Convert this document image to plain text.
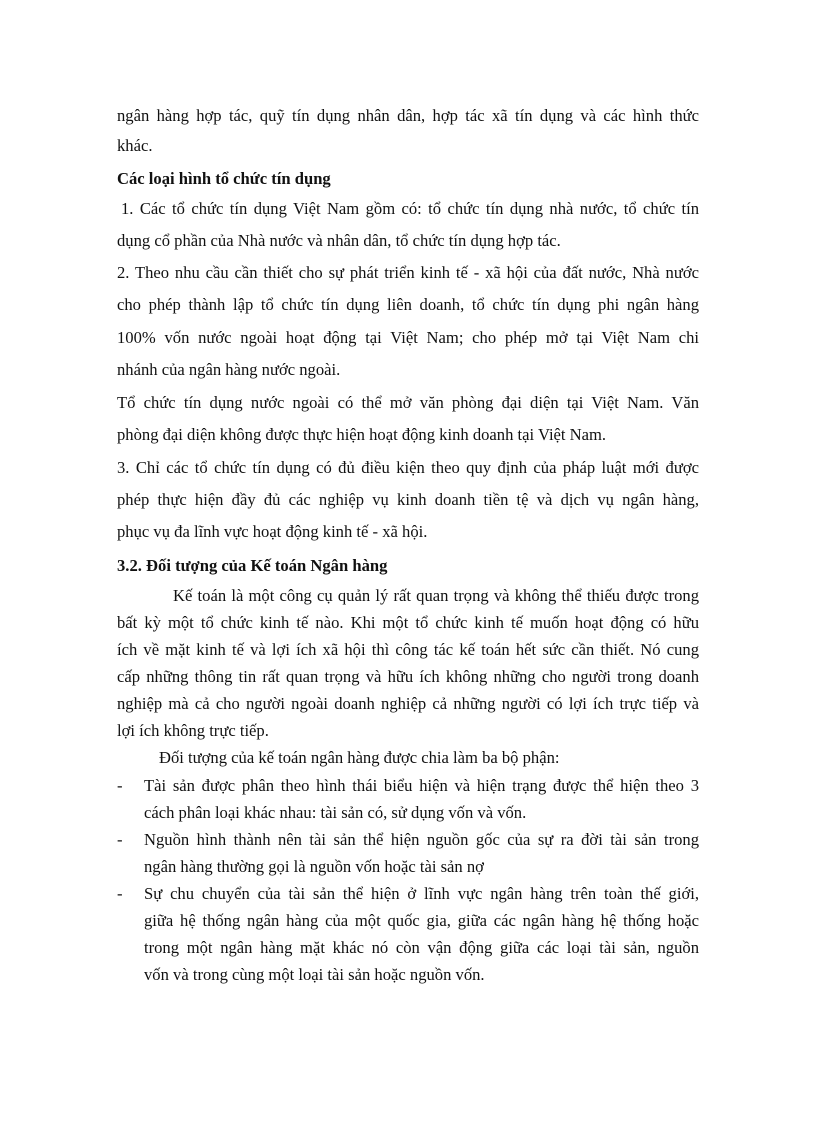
ngân hàng hợp tác, quỹ tín dụng nhân dân, hợp tác xã tín dụng và các hình thức

khác.

Các loại hình tổ chức tín dụng

1. Các tổ chức tín dụng Việt Nam gồm có: tổ chức tín dụng nhà nước, tổ chức tín

dụng cổ phần của Nhà nước và nhân dân, tổ chức tín dụng hợp tác.

2. Theo nhu cầu cần thiết cho sự phát triển kinh tế - xã hội của đất nước, Nhà nước

cho phép thành lập tổ chức tín dụng liên doanh, tổ chức tín dụng phi ngân hàng

100% vốn nước ngoài hoạt động tại Việt Nam; cho phép mở tại Việt Nam chi

nhánh của ngân hàng nước ngoài.

Tổ chức tín dụng nước ngoài có thể mở văn phòng đại diện tại Việt Nam. Văn

phòng đại diện không được thực hiện hoạt động kinh doanh tại Việt Nam.

3. Chỉ các tổ chức tín dụng có đủ điều kiện theo quy định của pháp luật mới được

phép thực hiện đầy đủ các nghiệp vụ kinh doanh tiền tệ và dịch vụ ngân hàng,

phục vụ đa lĩnh vực hoạt động kinh tế - xã hội.

3.2. Đối tượng của Kế toán Ngân hàng

Kế toán là một công cụ quản lý rất quan trọng và không thể thiếu được trong

bất kỳ một tổ chức kinh tế nào. Khi một tổ chức kinh tế muốn hoạt động có hữu

ích về mặt kinh tế và lợi ích xã hội thì công tác kế toán hết sức cần thiết. Nó cung

cấp những thông tin rất quan trọng và hữu ích không những cho người trong doanh

nghiệp mà cả cho người ngoài doanh nghiệp cả những người có lợi ích trực tiếp và

lợi ích không trực tiếp.

Đối tượng của kế toán ngân hàng được chia làm ba bộ phận:

- Tài sản được phân theo hình thái biểu hiện và hiện trạng được thể hiện theo 3

cách phân loại khác nhau: tài sản có, sử dụng vốn và vốn.

- Nguồn hình thành nên tài sản thể hiện nguồn gốc của sự ra đời tài sản trong

ngân hàng thường gọi là nguồn vốn hoặc tài sản nợ

- Sự chu chuyển của tài sản thể hiện ở lĩnh vực ngân hàng trên toàn thế giới,

giữa hệ thống ngân hàng của một quốc gia, giữa các ngân hàng hệ thống hoặc

trong một ngân hàng mặt khác nó còn vận động giữa các loại tài sản, nguồn

vốn và trong cùng một loại tài sản hoặc nguồn vốn.
